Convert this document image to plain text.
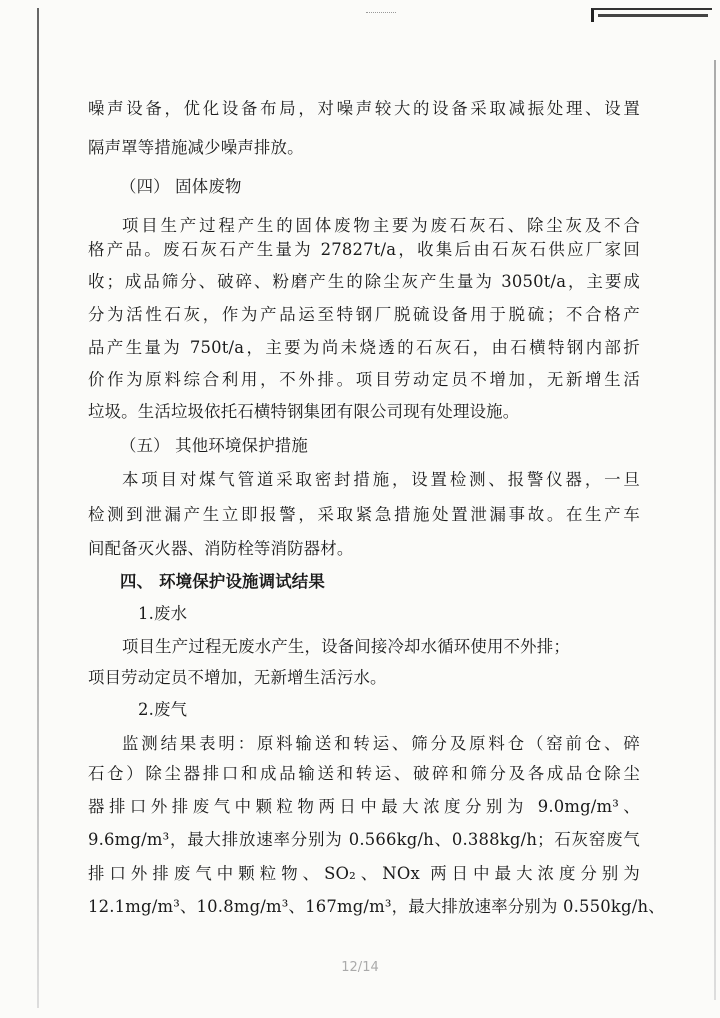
噪声设备，优化设备布局，对噪声较大的设备采取减振处理、设置
隔声罩等措施减少噪声排放。
（四） 固体废物
项目生产过程产生的固体废物主要为废石灰石、除尘灰及不合
格产品。废石灰石产生量为 27827t/a，收集后由石灰石供应厂家回
收；成品筛分、破碎、粉磨产生的除尘灰产生量为 3050t/a，主要成
分为活性石灰，作为产品运至特钢厂脱硫设备用于脱硫；不合格产
品产生量为 750t/a，主要为尚未烧透的石灰石，由石横特钢内部折
价作为原料综合利用，不外排。项目劳动定员不增加，无新增生活
垃圾。生活垃圾依托石横特钢集团有限公司现有处理设施。
（五） 其他环境保护措施
本项目对煤气管道采取密封措施，设置检测、报警仪器，一旦
检测到泄漏产生立即报警，采取紧急措施处置泄漏事故。在生产车
间配备灭火器、消防栓等消防器材。
四、 环境保护设施调试结果
1.废水
项目生产过程无废水产生，设备间接冷却水循环使用不外排；
项目劳动定员不增加，无新增生活污水。
2.废气
监测结果表明：原料输送和转运、筛分及原料仓（窑前仓、碎
石仓）除尘器排口和成品输送和转运、破碎和筛分及各成品仓除尘
器排口外排废气中颗粒物两日中最大浓度分别为 9.0mg/m³、
9.6mg/m³，最大排放速率分别为 0.566kg/h、0.388kg/h；石灰窑废气
排口外排废气中颗粒物、SO₂、NOx 两日中最大浓度分别为
12.1mg/m³、10.8mg/m³、167mg/m³，最大排放速率分别为 0.550kg/h、
12/14
